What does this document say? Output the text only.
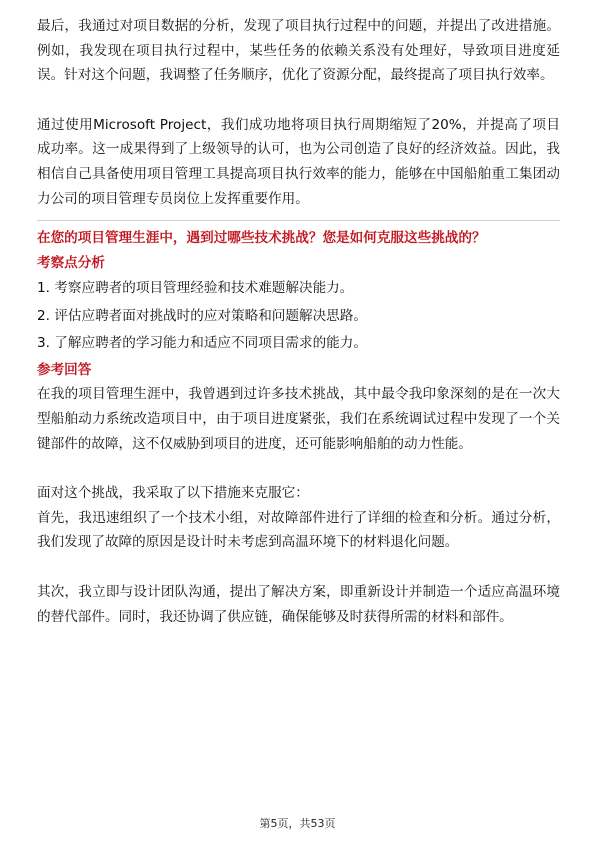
最后，我通过对项目数据的分析，发现了项目执行过程中的问题，并提出了改进措施。例如，我发现在项目执行过程中，某些任务的依赖关系没有处理好，导致项目进度延误。针对这个问题，我调整了任务顺序，优化了资源分配，最终提高了项目执行效率。

通过使用Microsoft Project，我们成功地将项目执行周期缩短了20%，并提高了项目成功率。这一成果得到了上级领导的认可，也为公司创造了良好的经济效益。因此，我相信自己具备使用项目管理工具提高项目执行效率的能力，能够在中国船舶重工集团动力公司的项目管理专员岗位上发挥重要作用。

在您的项目管理生涯中，遇到过哪些技术挑战？您是如何克服这些挑战的？
考察点分析
1. 考察应聘者的项目管理经验和技术难题解决能力。
2. 评估应聘者面对挑战时的应对策略和问题解决思路。
3. 了解应聘者的学习能力和适应不同项目需求的能力。
参考回答

在我的项目管理生涯中，我曾遇到过许多技术挑战，其中最令我印象深刻的是在一次大型船舶动力系统改造项目中，由于项目进度紧张，我们在系统调试过程中发现了一个关键部件的故障，这不仅威胁到项目的进度，还可能影响船舶的动力性能。

面对这个挑战，我采取了以下措施来克服它：

首先，我迅速组织了一个技术小组，对故障部件进行了详细的检查和分析。通过分析，我们发现了故障的原因是设计时未考虑到高温环境下的材料退化问题。

其次，我立即与设计团队沟通，提出了解决方案，即重新设计并制造一个适应高温环境的替代部件。同时，我还协调了供应链，确保能够及时获得所需的材料和部件。

第5页，共53页
